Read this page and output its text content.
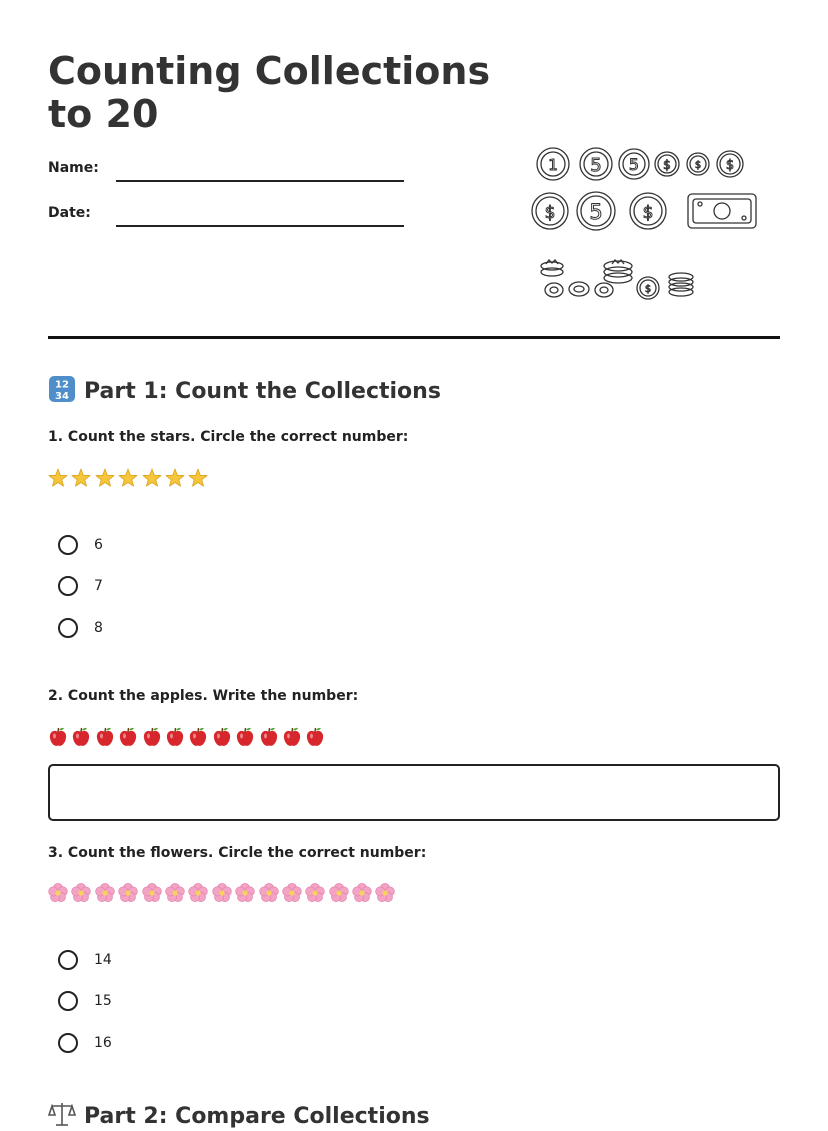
Counting Collections to 20
Name:
Date:
1 5 5 $ $ $
$ 5 $
$
12
34 Part 1: Count the Collections

1. Count the stars. Circle the correct number:

6
7
8

2. Count the apples. Write the number:

3. Count the flowers. Circle the correct number:

14
15
16
Part 2: Compare Collections
